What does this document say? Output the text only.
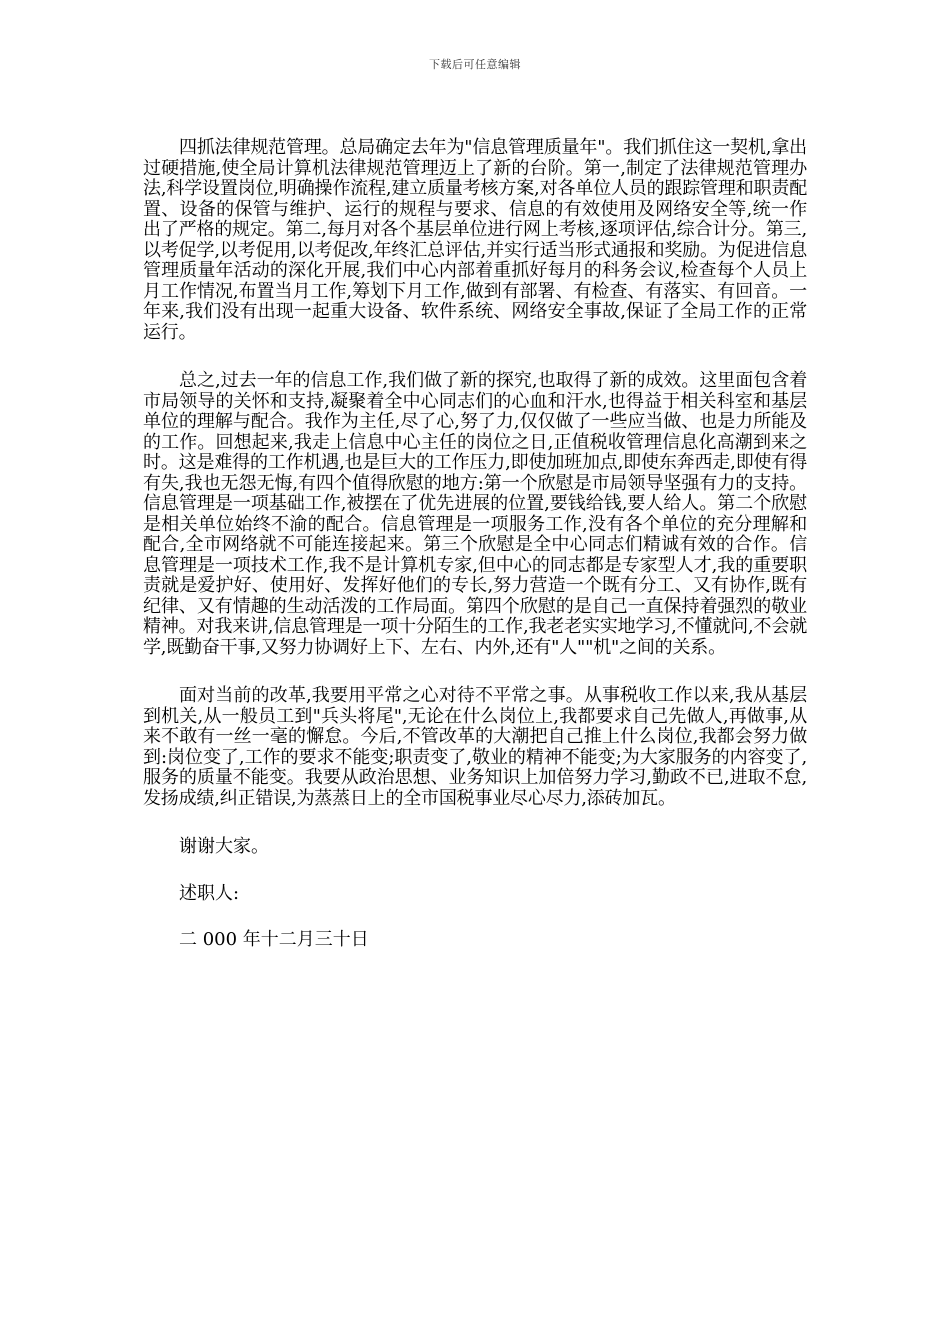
下载后可任意编辑

四抓法律规范管理。总局确定去年为"信息管理质量年"。我们抓住这一契机,拿出过硬措施,使全局计算机法律规范管理迈上了新的台阶。第一,制定了法律规范管理办法,科学设置岗位,明确操作流程,建立质量考核方案,对各单位人员的跟踪管理和职责配置、设备的保管与维护、运行的规程与要求、信息的有效使用及网络安全等,统一作出了严格的规定。第二,每月对各个基层单位进行网上考核,逐项评估,综合计分。第三,以考促学,以考促用,以考促改,年终汇总评估,并实行适当形式通报和奖励。为促进信息管理质量年活动的深化开展,我们中心内部着重抓好每月的科务会议,检查每个人员上月工作情况,布置当月工作,筹划下月工作,做到有部署、有检查、有落实、有回音。一年来,我们没有出现一起重大设备、软件系统、网络安全事故,保证了全局工作的正常运行。

总之,过去一年的信息工作,我们做了新的探究,也取得了新的成效。这里面包含着市局领导的关怀和支持,凝聚着全中心同志们的心血和汗水,也得益于相关科室和基层单位的理解与配合。我作为主任,尽了心,努了力,仅仅做了一些应当做、也是力所能及的工作。回想起来,我走上信息中心主任的岗位之日,正值税收管理信息化高潮到来之时。这是难得的工作机遇,也是巨大的工作压力,即使加班加点,即使东奔西走,即使有得有失,我也无怨无悔,有四个值得欣慰的地方:第一个欣慰是市局领导坚强有力的支持。信息管理是一项基础工作,被摆在了优先进展的位置,要钱给钱,要人给人。第二个欣慰是相关单位始终不渝的配合。信息管理是一项服务工作,没有各个单位的充分理解和配合,全市网络就不可能连接起来。第三个欣慰是全中心同志们精诚有效的合作。信息管理是一项技术工作,我不是计算机专家,但中心的同志都是专家型人才,我的重要职责就是爱护好、使用好、发挥好他们的专长,努力营造一个既有分工、又有协作,既有纪律、又有情趣的生动活泼的工作局面。第四个欣慰的是自己一直保持着强烈的敬业精神。对我来讲,信息管理是一项十分陌生的工作,我老老实实地学习,不懂就问,不会就学,既勤奋干事,又努力协调好上下、左右、内外,还有"人""机"之间的关系。

面对当前的改革,我要用平常之心对待不平常之事。从事税收工作以来,我从基层到机关,从一般员工到"兵头将尾",无论在什么岗位上,我都要求自己先做人,再做事,从来不敢有一丝一毫的懈怠。今后,不管改革的大潮把自己推上什么岗位,我都会努力做到:岗位变了,工作的要求不能变;职责变了,敬业的精神不能变;为大家服务的内容变了,服务的质量不能变。我要从政治思想、业务知识上加倍努力学习,勤政不已,进取不怠,发扬成绩,纠正错误,为蒸蒸日上的全市国税事业尽心尽力,添砖加瓦。

谢谢大家。

述职人:

二 000 年十二月三十日
